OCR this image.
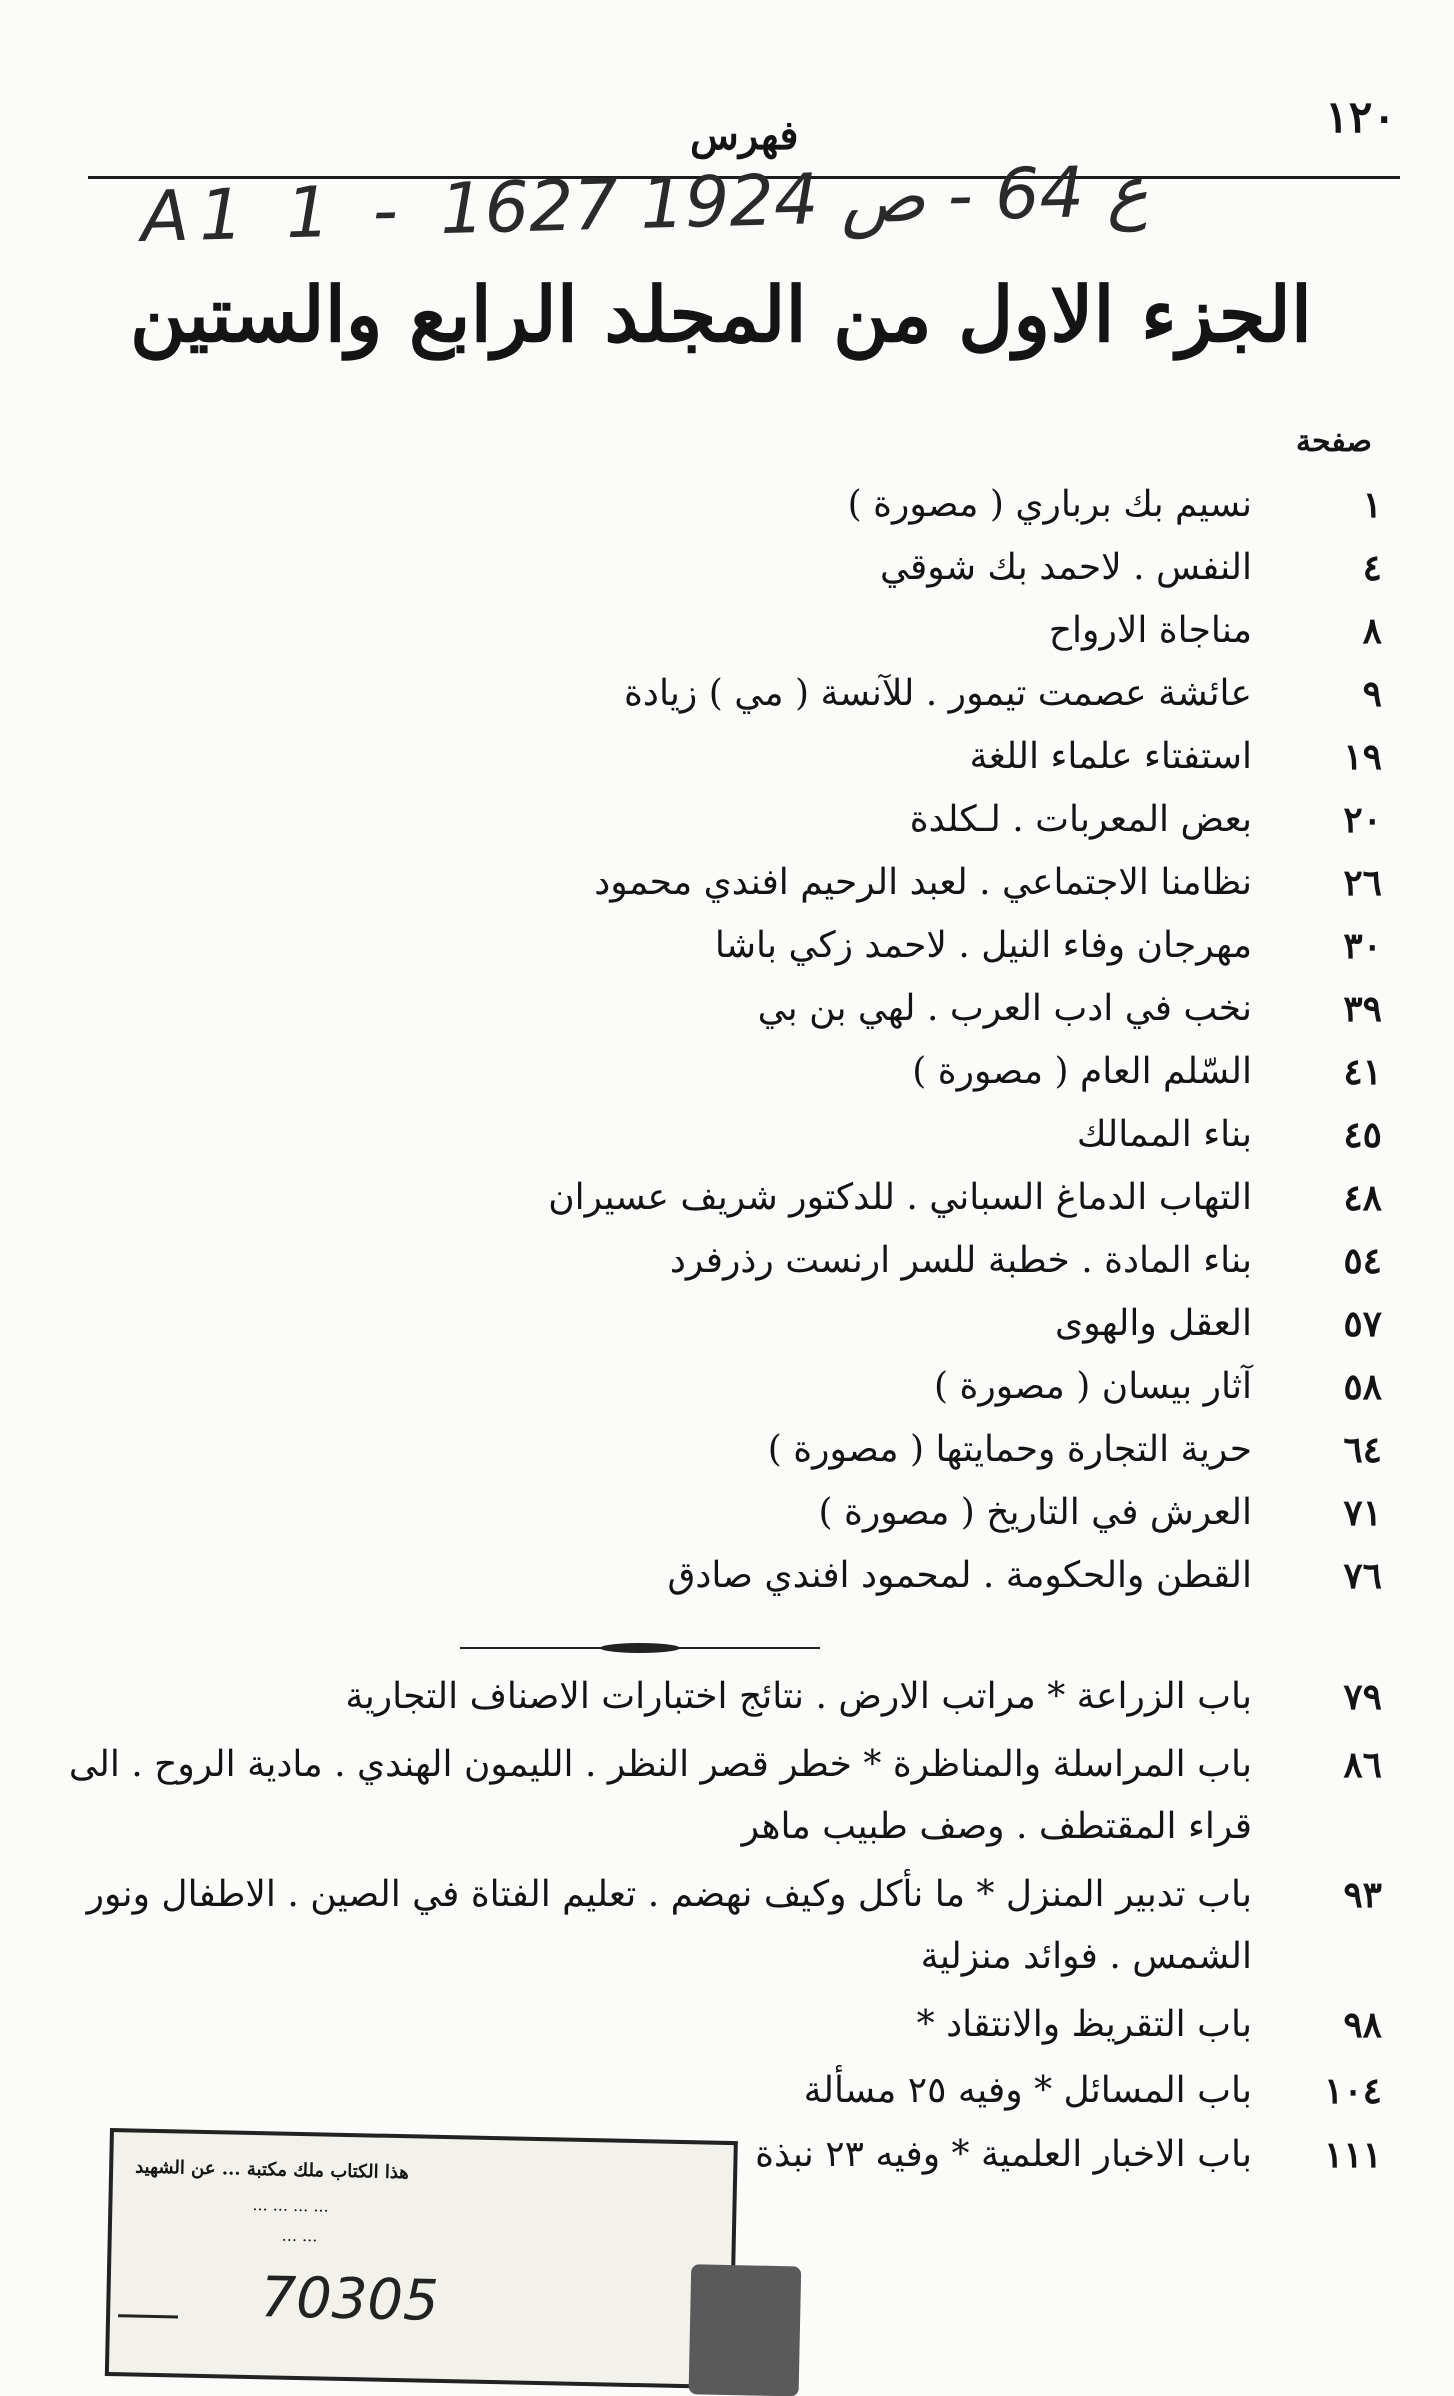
١٢٠
فهرس
A1 1 - ع 64 - ص 1924 1627
الجزء الاول من المجلد الرابع والستين
صفحة
١
نسيم بك برباري ( مصورة )
٤
النفس . لاحمد بك شوقي
٨
مناجاة الارواح
٩
عائشة عصمت تيمور . للآنسة ( مي ) زيادة
١٩
استفتاء علماء اللغة
٢٠
بعض المعربات . لـكلدة
٢٦
نظامنا الاجتماعي . لعبد الرحيم افندي محمود
٣٠
مهرجان وفاء النيل . لاحمد زكي باشا
٣٩
نخب في ادب العرب . لهي بن بي
٤١
السّلم العام ( مصورة )
٤٥
بناء الممالك
٤٨
التهاب الدماغ السباني . للدكتور شريف عسيران
٥٤
بناء المادة . خطبة للسر ارنست رذرفرد
٥٧
العقل والهوى
٥٨
آثار بيسان ( مصورة )
٦٤
حرية التجارة وحمايتها ( مصورة )
٧١
العرش في التاريخ ( مصورة )
٧٦
القطن والحكومة . لمحمود افندي صادق
٧٩
باب الزراعة * مراتب الارض . نتائج اختبارات الاصناف التجارية
٨٦
باب المراسلة والمناظرة * خطر قصر النظر . الليمون الهندي . مادية الروح . الى
قراء المقتطف . وصف طبيب ماهر
٩٣
باب تدبير المنزل * ما نأكل وكيف نهضم . تعليم الفتاة في الصين . الاطفال ونور
الشمس . فوائد منزلية
٩٨
باب التقريظ والانتقاد *
١٠٤
باب المسائل * وفيه ٢٥ مسألة
١١١
باب الاخبار العلمية * وفيه ٢٣ نبذة
هذا الكتاب ملك مكتبة ... عن الشهيد
... ... ... ...
... ...
70305
